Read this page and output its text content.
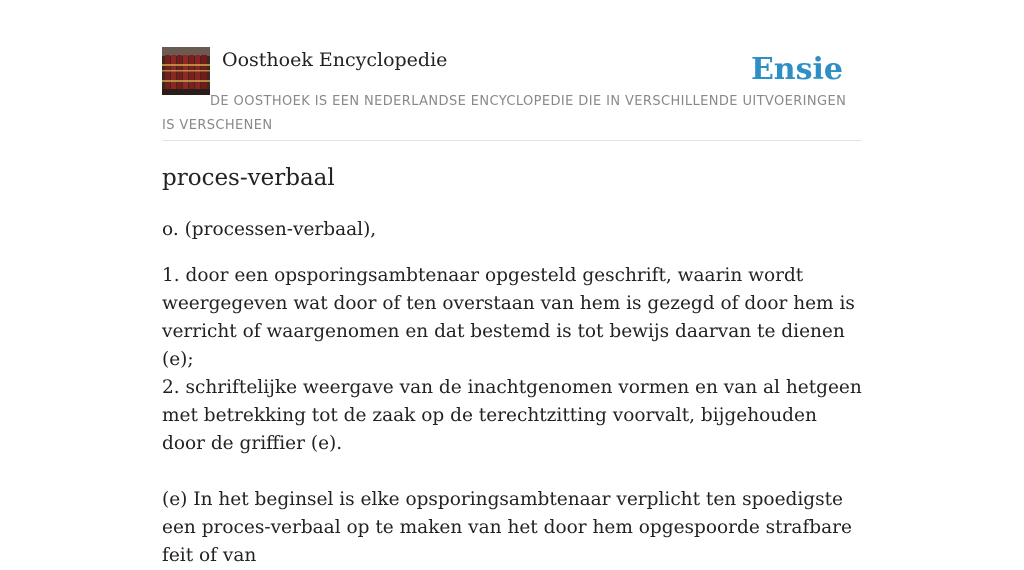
Oosthoek Encyclopedie	Ensie
DE OOSTHOEK IS EEN NEDERLANDSE ENCYCLOPEDIE DIE IN VERSCHILLENDE UITVOERINGEN IS VERSCHENEN
proces-verbaal

o. (processen-verbaal),

1. door een opsporingsambtenaar opgesteld geschrift, waarin wordt weergegeven wat door of ten overstaan van hem is gezegd of door hem is verricht of waargenomen en dat bestemd is tot bewijs daarvan te dienen (e);
2. schriftelijke weergave van de inachtgenomen vormen en van al hetgeen met betrekking tot de zaak op de terechtzitting voorvalt, bijgehouden door de griffier (e).

(e) In het beginsel is elke opsporingsambtenaar verplicht ten spoedigste een proces-verbaal op te maken van het door hem opgespoorde strafbare feit of van
